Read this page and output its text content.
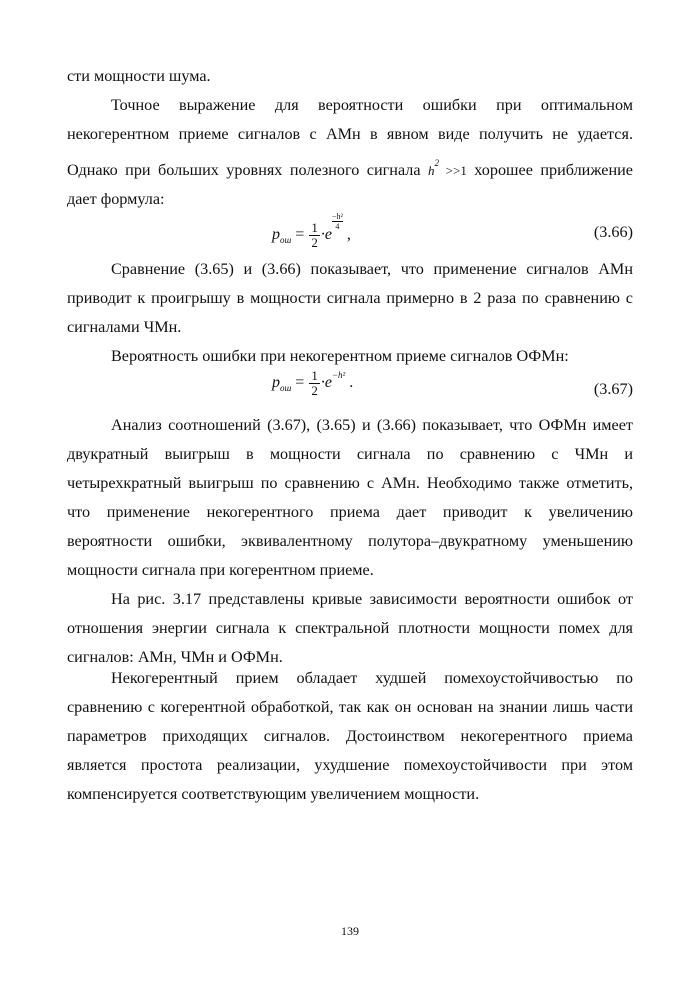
сти мощности шума.

Точное выражение для вероятности ошибки при оптимальном некогерентном приеме сигналов с АМн в явном виде получить не удается. Однако при больших уровнях полезного сигнала $h^2 >>1$ хорошее приближение дает формула:

$p_{ош} = \frac{1}{2} \cdot e$
$\frac{\text{−h²}}{4}$
,	(3.66)

Сравнение (3.65) и (3.66) показывает, что применение сигналов АМн приводит к проигрышу в мощности сигнала примерно в 2 раза по сравнению с сигналами ЧМн.

Вероятность ошибки при некогерентном приеме сигналов ОФМн:

$p_{ош} = \frac{1}{2} \cdot e^{-h^2}$ .	(3.67)

Анализ соотношений (3.67), (3.65) и (3.66) показывает, что ОФМн имеет двукратный выигрыш в мощности сигнала по сравнению с ЧМн и четырехкратный выигрыш по сравнению с АМн. Необходимо также отметить, что применение некогерентного приема дает приводит к увеличению вероятности ошибки, эквивалентному полутора–двукратному уменьшению мощности сигнала при когерентном приеме.

На рис. 3.17 представлены кривые зависимости вероятности ошибок от отношения энергии сигнала к спектральной плотности мощности помех для сигналов: АМн, ЧМн и ОФМн.

Некогерентный прием обладает худшей помехоустойчивостью по сравнению с когерентной обработкой, так как он основан на знании лишь части параметров приходящих сигналов. Достоинством некогерентного приема является простота реализации, ухудшение помехоустойчивости при этом компенсируется соответствующим увеличением мощности.

139
